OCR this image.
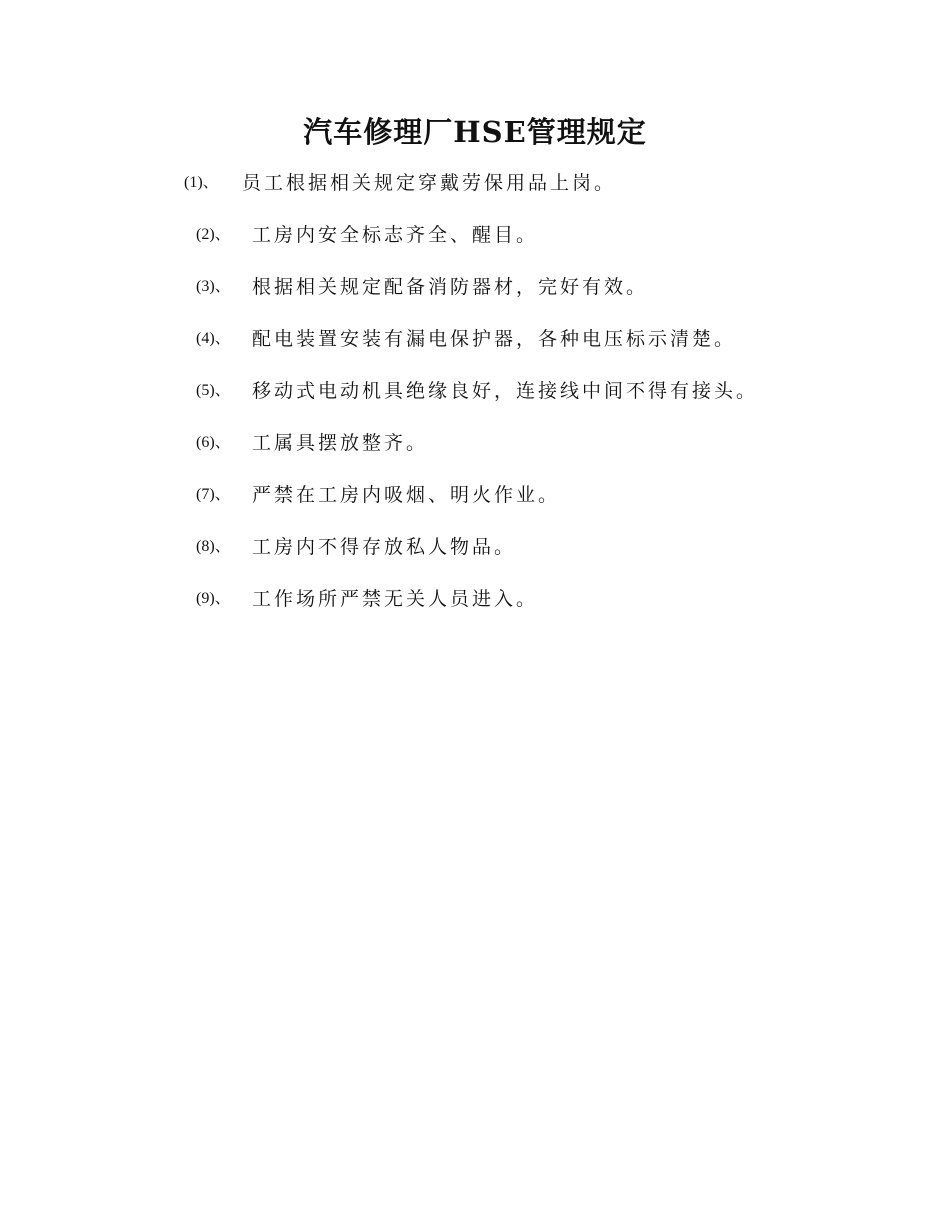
汽车修理厂HSE管理规定
(1)、 员工根据相关规定穿戴劳保用品上岗。
(2)、 工房内安全标志齐全、醒目。
(3)、 根据相关规定配备消防器材，完好有效。
(4)、 配电装置安装有漏电保护器，各种电压标示清楚。
(5)、 移动式电动机具绝缘良好，连接线中间不得有接头。
(6)、 工属具摆放整齐。
(7)、 严禁在工房内吸烟、明火作业。
(8)、 工房内不得存放私人物品。
(9)、 工作场所严禁无关人员进入。
